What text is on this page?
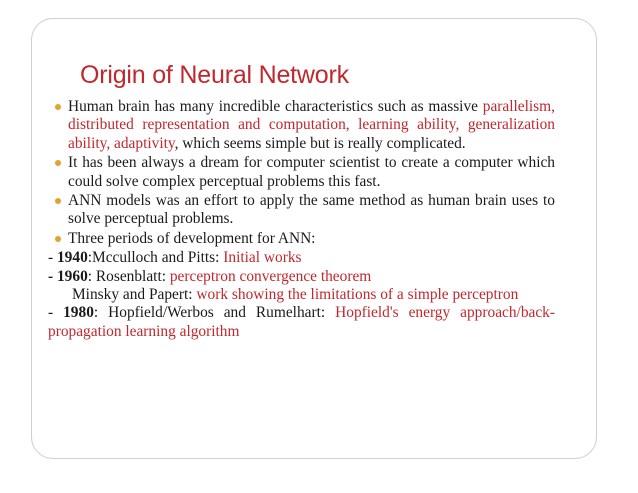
Origin of Neural Network
Human brain has many incredible characteristics such as massive parallelism, distributed representation and computation, learning ability, generalization ability, adaptivity, which seems simple but is really complicated.
It has been always a dream for computer scientist to create a computer which could solve complex perceptual problems this fast.
ANN models was an effort to apply the same method as human brain uses to solve perceptual problems.
Three periods of development for ANN:
- 1940:Mcculloch and Pitts: Initial works
- 1960: Rosenblatt: perceptron convergence theorem
Minsky and Papert: work showing the limitations of a simple perceptron
- 1980: Hopfield/Werbos and Rumelhart: Hopfield's energy approach/back-propagation learning algorithm
